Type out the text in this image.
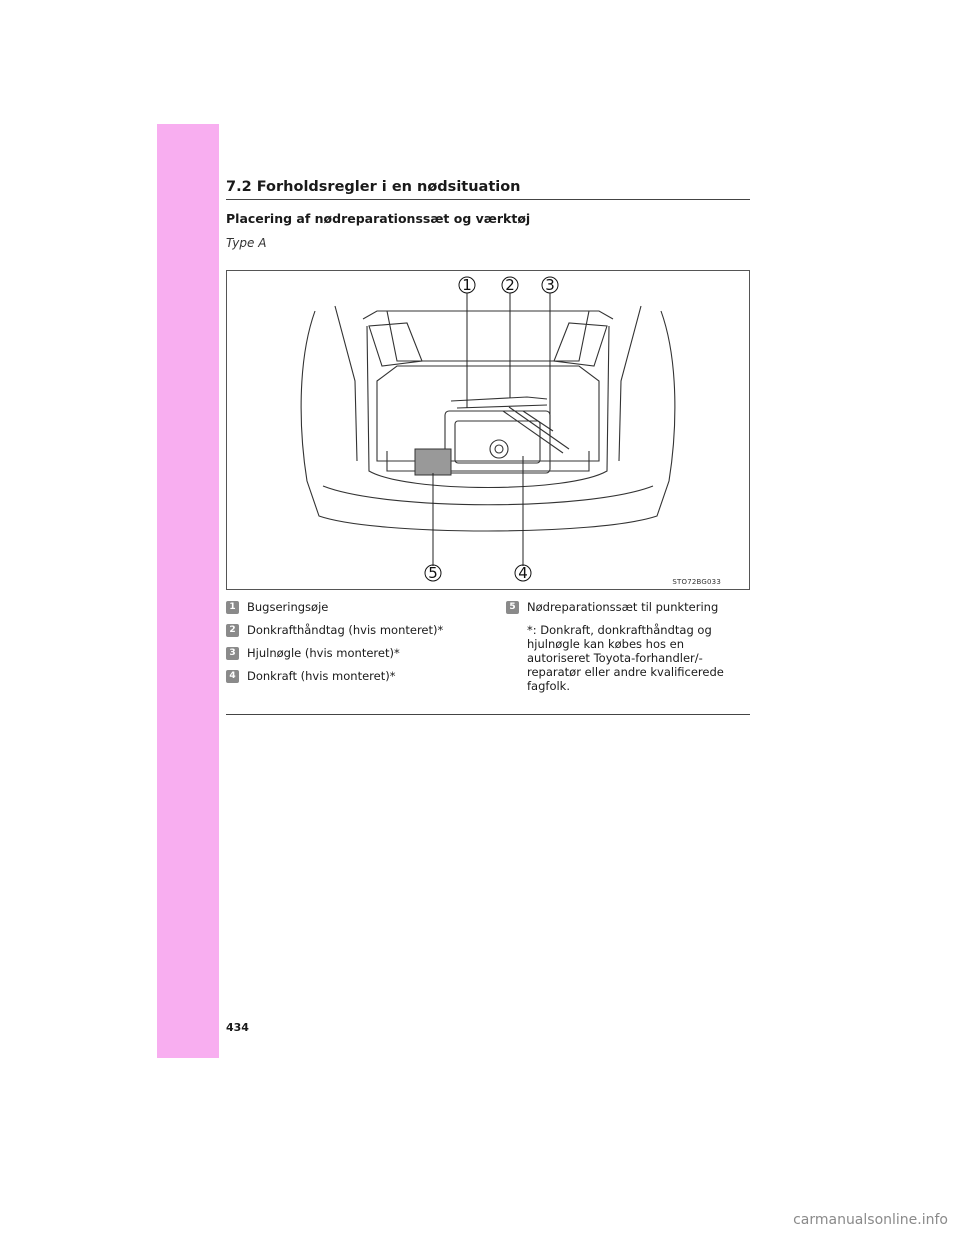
7.2 Forholdsregler i en nødsituation
Placering af nødreparationssæt og værktøj
Type A
1 2 3
4
5	STO72BG033
1 Bugseringsøje
2 Donkrafthåndtag (hvis monteret)*
3 Hjulnøgle (hvis monteret)*
4 Donkraft (hvis monteret)*
5 Nødreparationssæt til punktering
*: Donkraft, donkrafthåndtag og hjulnøgle kan købes hos en autoriseret Toyota-forhandler/-reparatør eller andre kvalificerede fagfolk.
434
carmanualsonline.info
